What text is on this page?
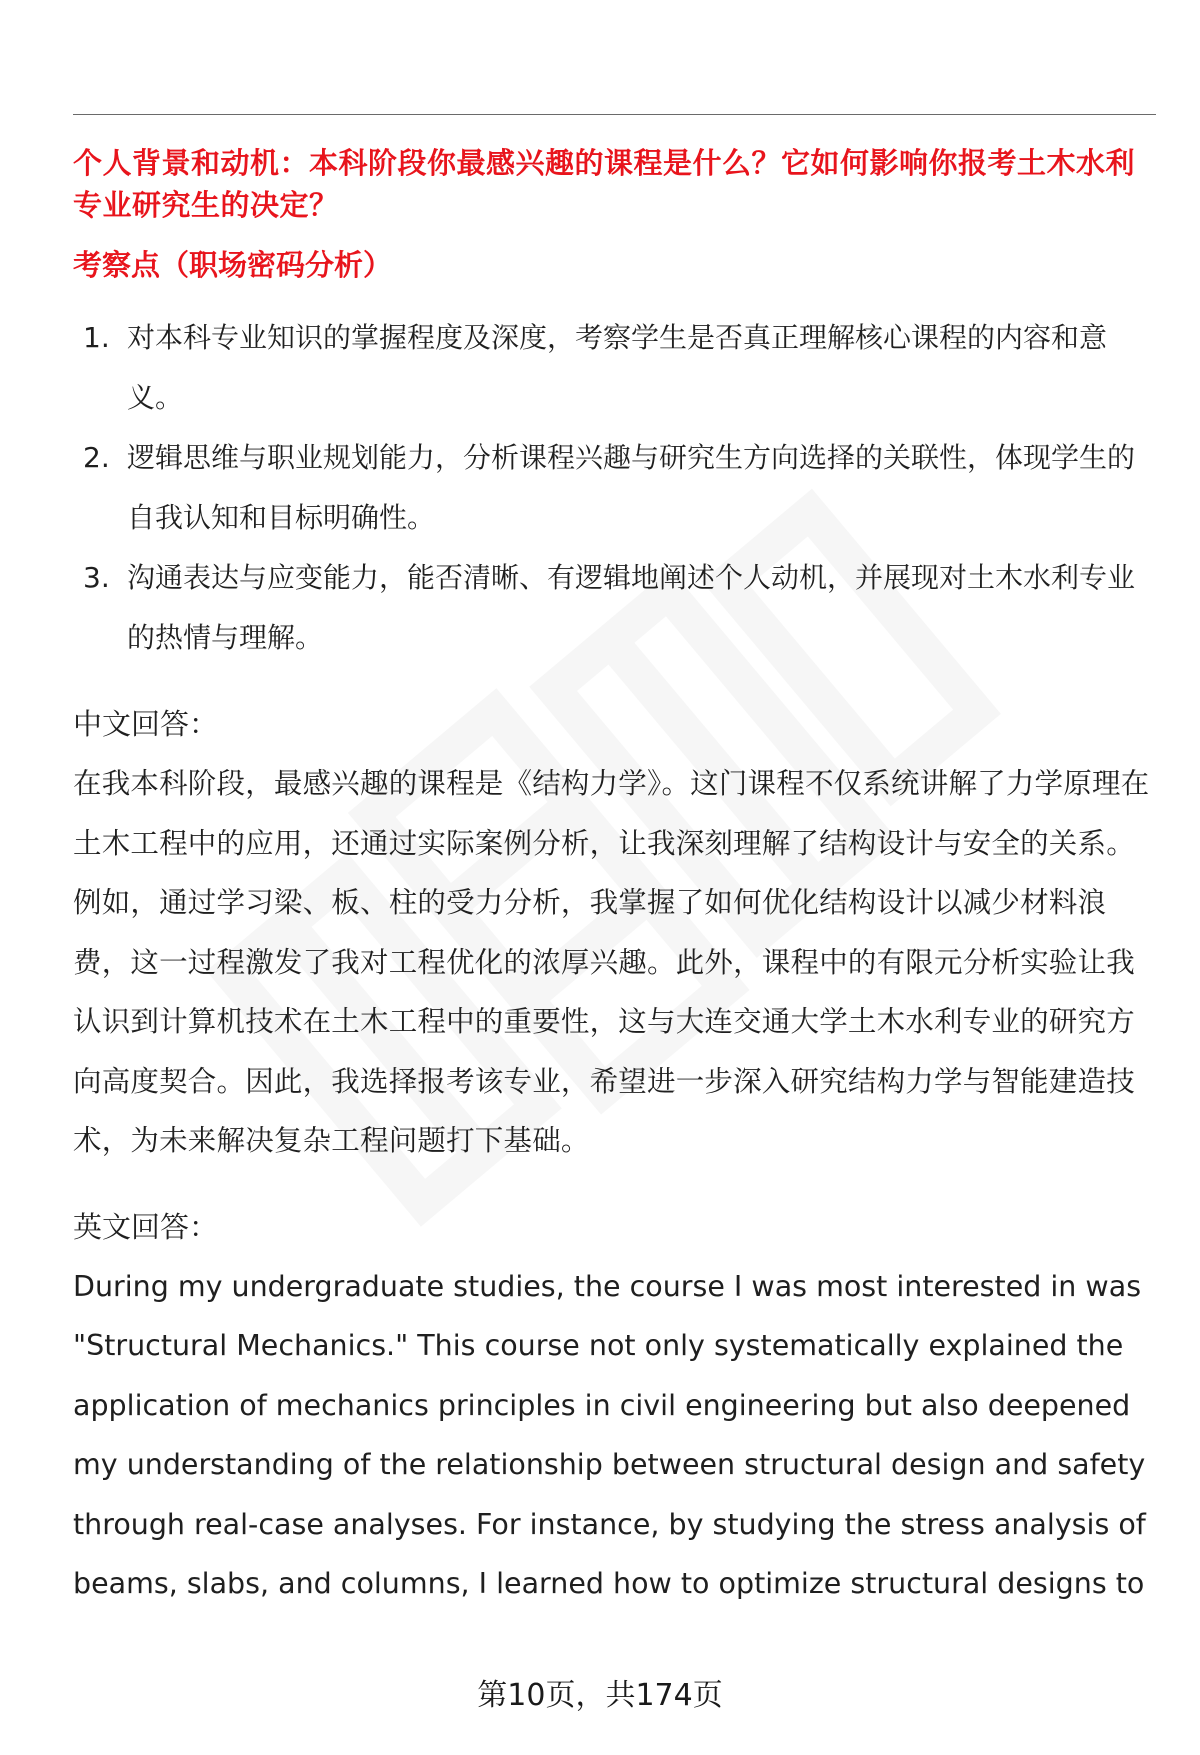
个人背景和动机：本科阶段你最感兴趣的课程是什么？它如何影响你报考土木水利专业研究生的决定？

考察点（职场密码分析）

1. 对本科专业知识的掌握程度及深度，考察学生是否真正理解核心课程的内容和意义。
2. 逻辑思维与职业规划能力，分析课程兴趣与研究生方向选择的关联性，体现学生的自我认知和目标明确性。
3. 沟通表达与应变能力，能否清晰、有逻辑地阐述个人动机，并展现对土木水利专业的热情与理解。

中文回答：

在我本科阶段，最感兴趣的课程是《结构力学》。这门课程不仅系统讲解了力学原理在土木工程中的应用，还通过实际案例分析，让我深刻理解了结构设计与安全的关系。例如，通过学习梁、板、柱的受力分析，我掌握了如何优化结构设计以减少材料浪费，这一过程激发了我对工程优化的浓厚兴趣。此外，课程中的有限元分析实验让我认识到计算机技术在土木工程中的重要性，这与大连交通大学土木水利专业的研究方向高度契合。因此，我选择报考该专业，希望进一步深入研究结构力学与智能建造技术，为未来解决复杂工程问题打下基础。

英文回答：

During my undergraduate studies, the course I was most interested in was "Structural Mechanics." This course not only systematically explained the application of mechanics principles in civil engineering but also deepened my understanding of the relationship between structural design and safety through real-case analyses. For instance, by studying the stress analysis of beams, slabs, and columns, I learned how to optimize structural designs to

第10页，共174页
